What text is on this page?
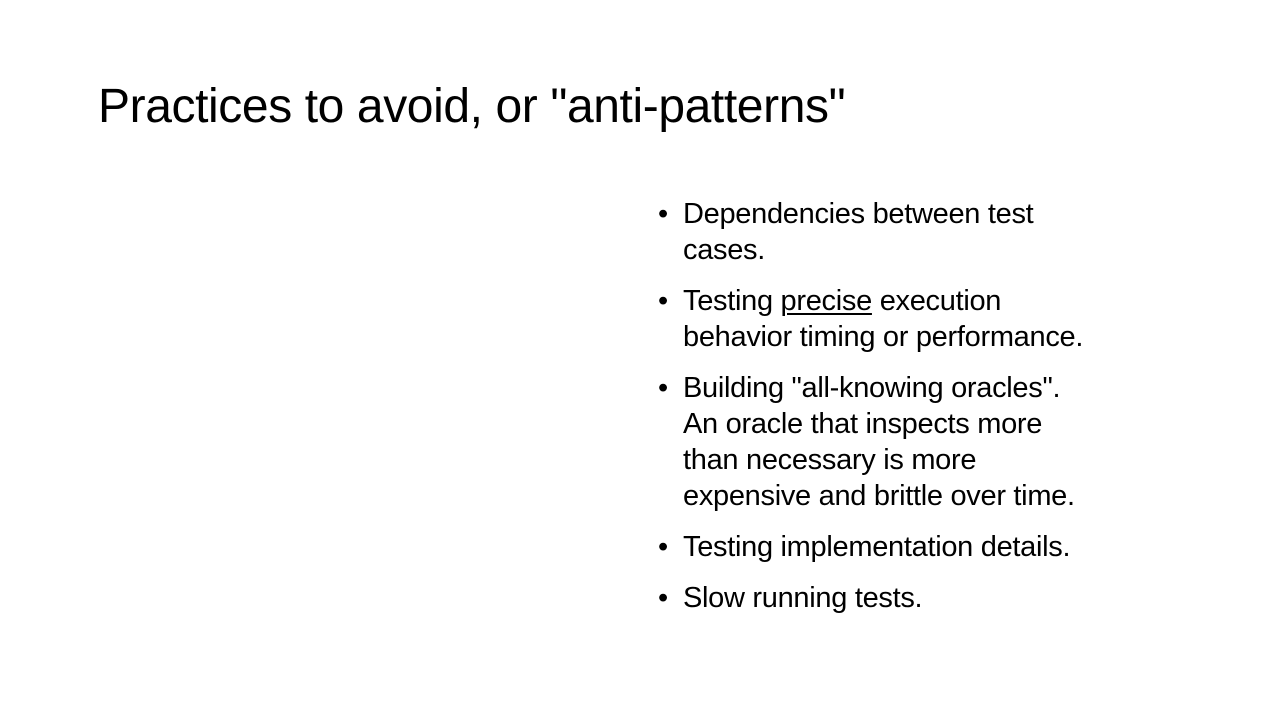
Practices to avoid, or "anti-patterns"
• Dependencies between test
cases.
• Testing precise execution
behavior timing or performance.
• Building "all-knowing oracles".
An oracle that inspects more
than necessary is more
expensive and brittle over time.
• Testing implementation details.
• Slow running tests.
